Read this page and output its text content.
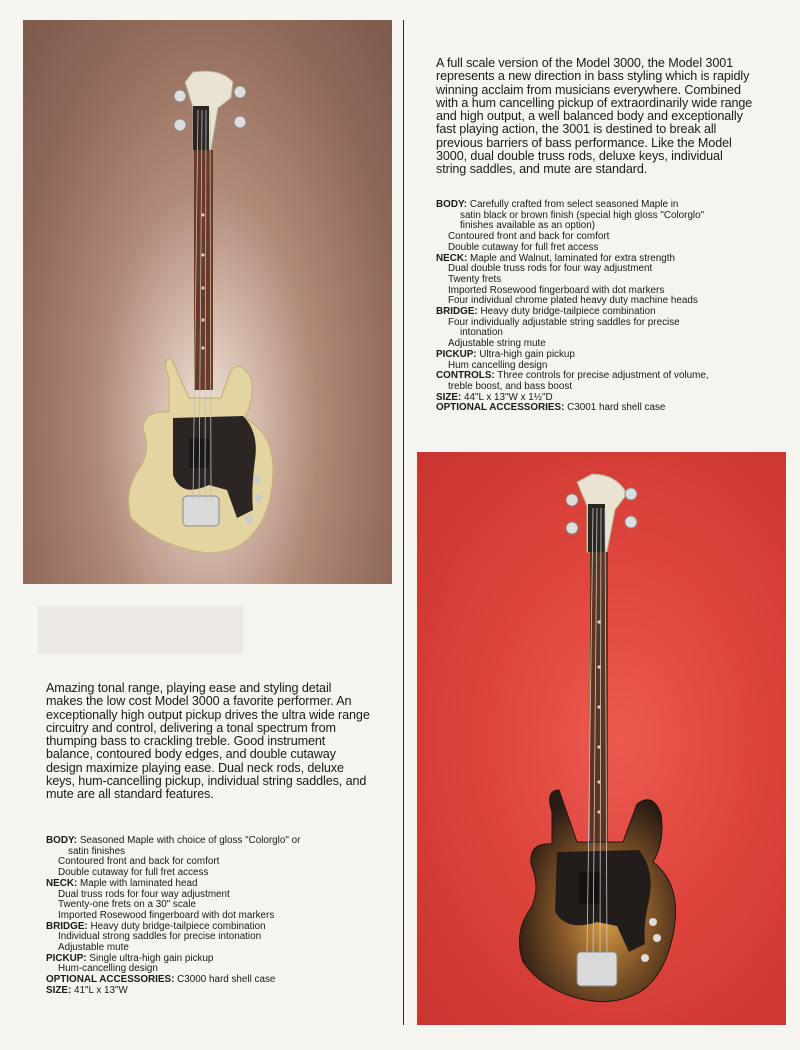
A full scale version of the Model 3000, the Model 3001 represents a new direction in bass styling which is rapidly winning acclaim from musicians everywhere. Combined with a hum cancelling pickup of extraordinarily wide range and high output, a well balanced body and exceptionally fast playing action, the 3001 is destined to break all previous barriers of bass performance. Like the Model 3000, dual double truss rods, deluxe keys, individual string saddles, and mute are standard.

BODY: Carefully crafted from select seasoned Maple in
satin black or brown finish (special high gloss "Colorglo"
finishes available as an option)
Contoured front and back for comfort
Double cutaway for full fret access
NECK: Maple and Walnut, laminated for extra strength
Dual double truss rods for four way adjustment
Twenty frets
Imported Rosewood fingerboard with dot markers
Four individual chrome plated heavy duty machine heads
BRIDGE: Heavy duty bridge-tailpiece combination
Four individually adjustable string saddles for precise
intonation
Adjustable string mute
PICKUP: Ultra-high gain pickup
Hum cancelling design
CONTROLS: Three controls for precise adjustment of volume,
treble boost, and bass boost
SIZE: 44"L x 13"W x 1½"D
OPTIONAL ACCESSORIES: C3001 hard shell case

Amazing tonal range, playing ease and styling detail makes the low cost Model 3000 a favorite performer. An exceptionally high output pickup drives the ultra wide range circuitry and control, delivering a tonal spectrum from thumping bass to crackling treble. Good instrument balance, contoured body edges, and double cutaway design maximize playing ease. Dual neck rods, deluxe keys, hum-cancelling pickup, individual string saddles, and mute are all standard features.

BODY: Seasoned Maple with choice of gloss "Colorglo" or
satin finishes
Contoured front and back for comfort
Double cutaway for full fret access
NECK: Maple with laminated head
Dual truss rods for four way adjustment
Twenty-one frets on a 30" scale
Imported Rosewood fingerboard with dot markers
BRIDGE: Heavy duty bridge-tailpiece combination
Individual strong saddles for precise intonation
Adjustable mute
PICKUP: Single ultra-high gain pickup
Hum-cancelling design
OPTIONAL ACCESSORIES: C3000 hard shell case
SIZE: 41"L x 13"W
